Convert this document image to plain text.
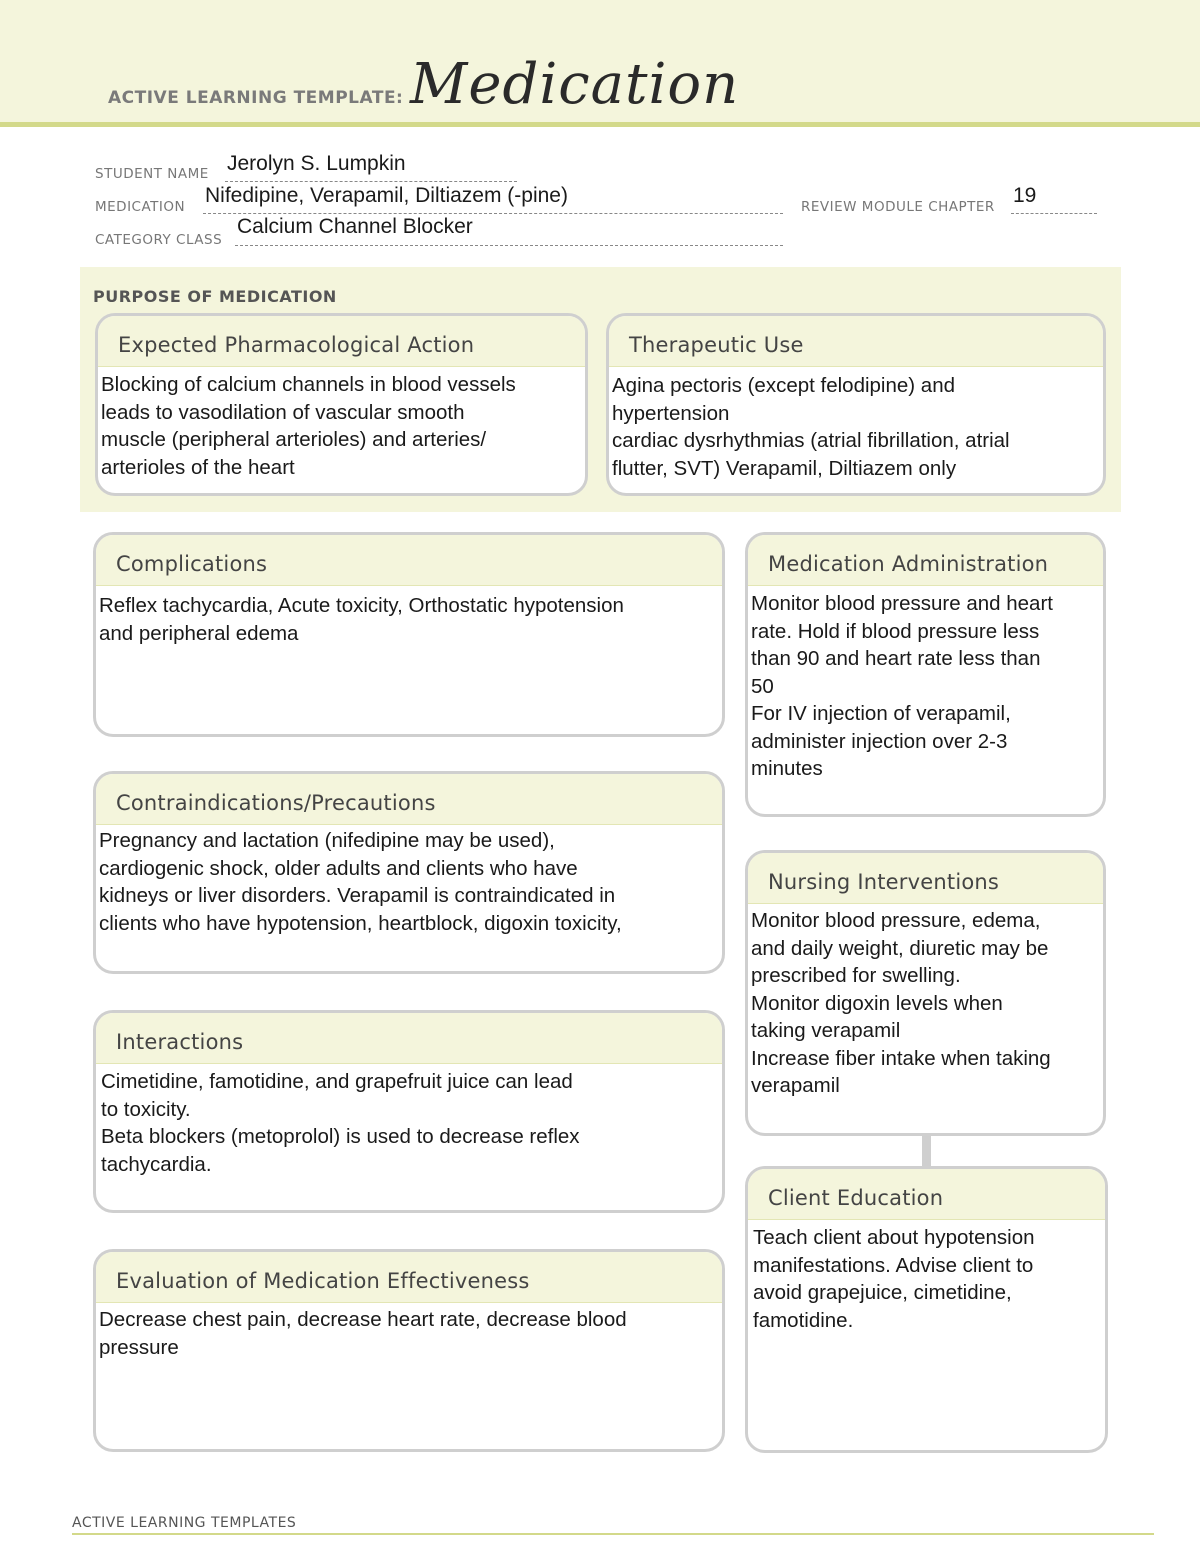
ACTIVE LEARNING TEMPLATE: Medication
STUDENT NAME Jerolyn S. Lumpkin
MEDICATION Nifedipine, Verapamil, Diltiazem (-pine)	REVIEW MODULE CHAPTER 19
CATEGORY CLASS
Calcium Channel Blocker
PURPOSE OF MEDICATION
Expected Pharmacological Action

Blocking of calcium channels in blood vessels

leads to vasodilation of vascular smooth

muscle (peripheral arterioles) and arteries/

arterioles of the heart

Therapeutic Use

Agina pectoris (except felodipine) and

hypertension

cardiac dysrhythmias (atrial fibrillation, atrial

flutter, SVT) Verapamil, Diltiazem only

Complications

Reflex tachycardia, Acute toxicity, Orthostatic hypotension

and peripheral edema

Contraindications/Precautions

Pregnancy and lactation (nifedipine may be used),

cardiogenic shock, older adults and clients who have

kidneys or liver disorders. Verapamil is contraindicated in

clients who have hypotension, heartblock, digoxin toxicity,

Interactions

Cimetidine, famotidine, and grapefruit juice can lead

to toxicity.

Beta blockers (metoprolol) is used to decrease reflex

tachycardia.

Evaluation of Medication Effectiveness

Decrease chest pain, decrease heart rate, decrease blood

pressure

Medication Administration

Monitor blood pressure and heart

rate. Hold if blood pressure less

than 90 and heart rate less than

50

For IV injection of verapamil,

administer injection over 2-3

minutes

Nursing Interventions

Monitor blood pressure, edema,

and daily weight, diuretic may be

prescribed for swelling.

Monitor digoxin levels when

taking verapamil

Increase fiber intake when taking

verapamil

Client Education

Teach client about hypotension

manifestations. Advise client to

avoid grapejuice, cimetidine,

famotidine.

ACTIVE LEARNING TEMPLATES
